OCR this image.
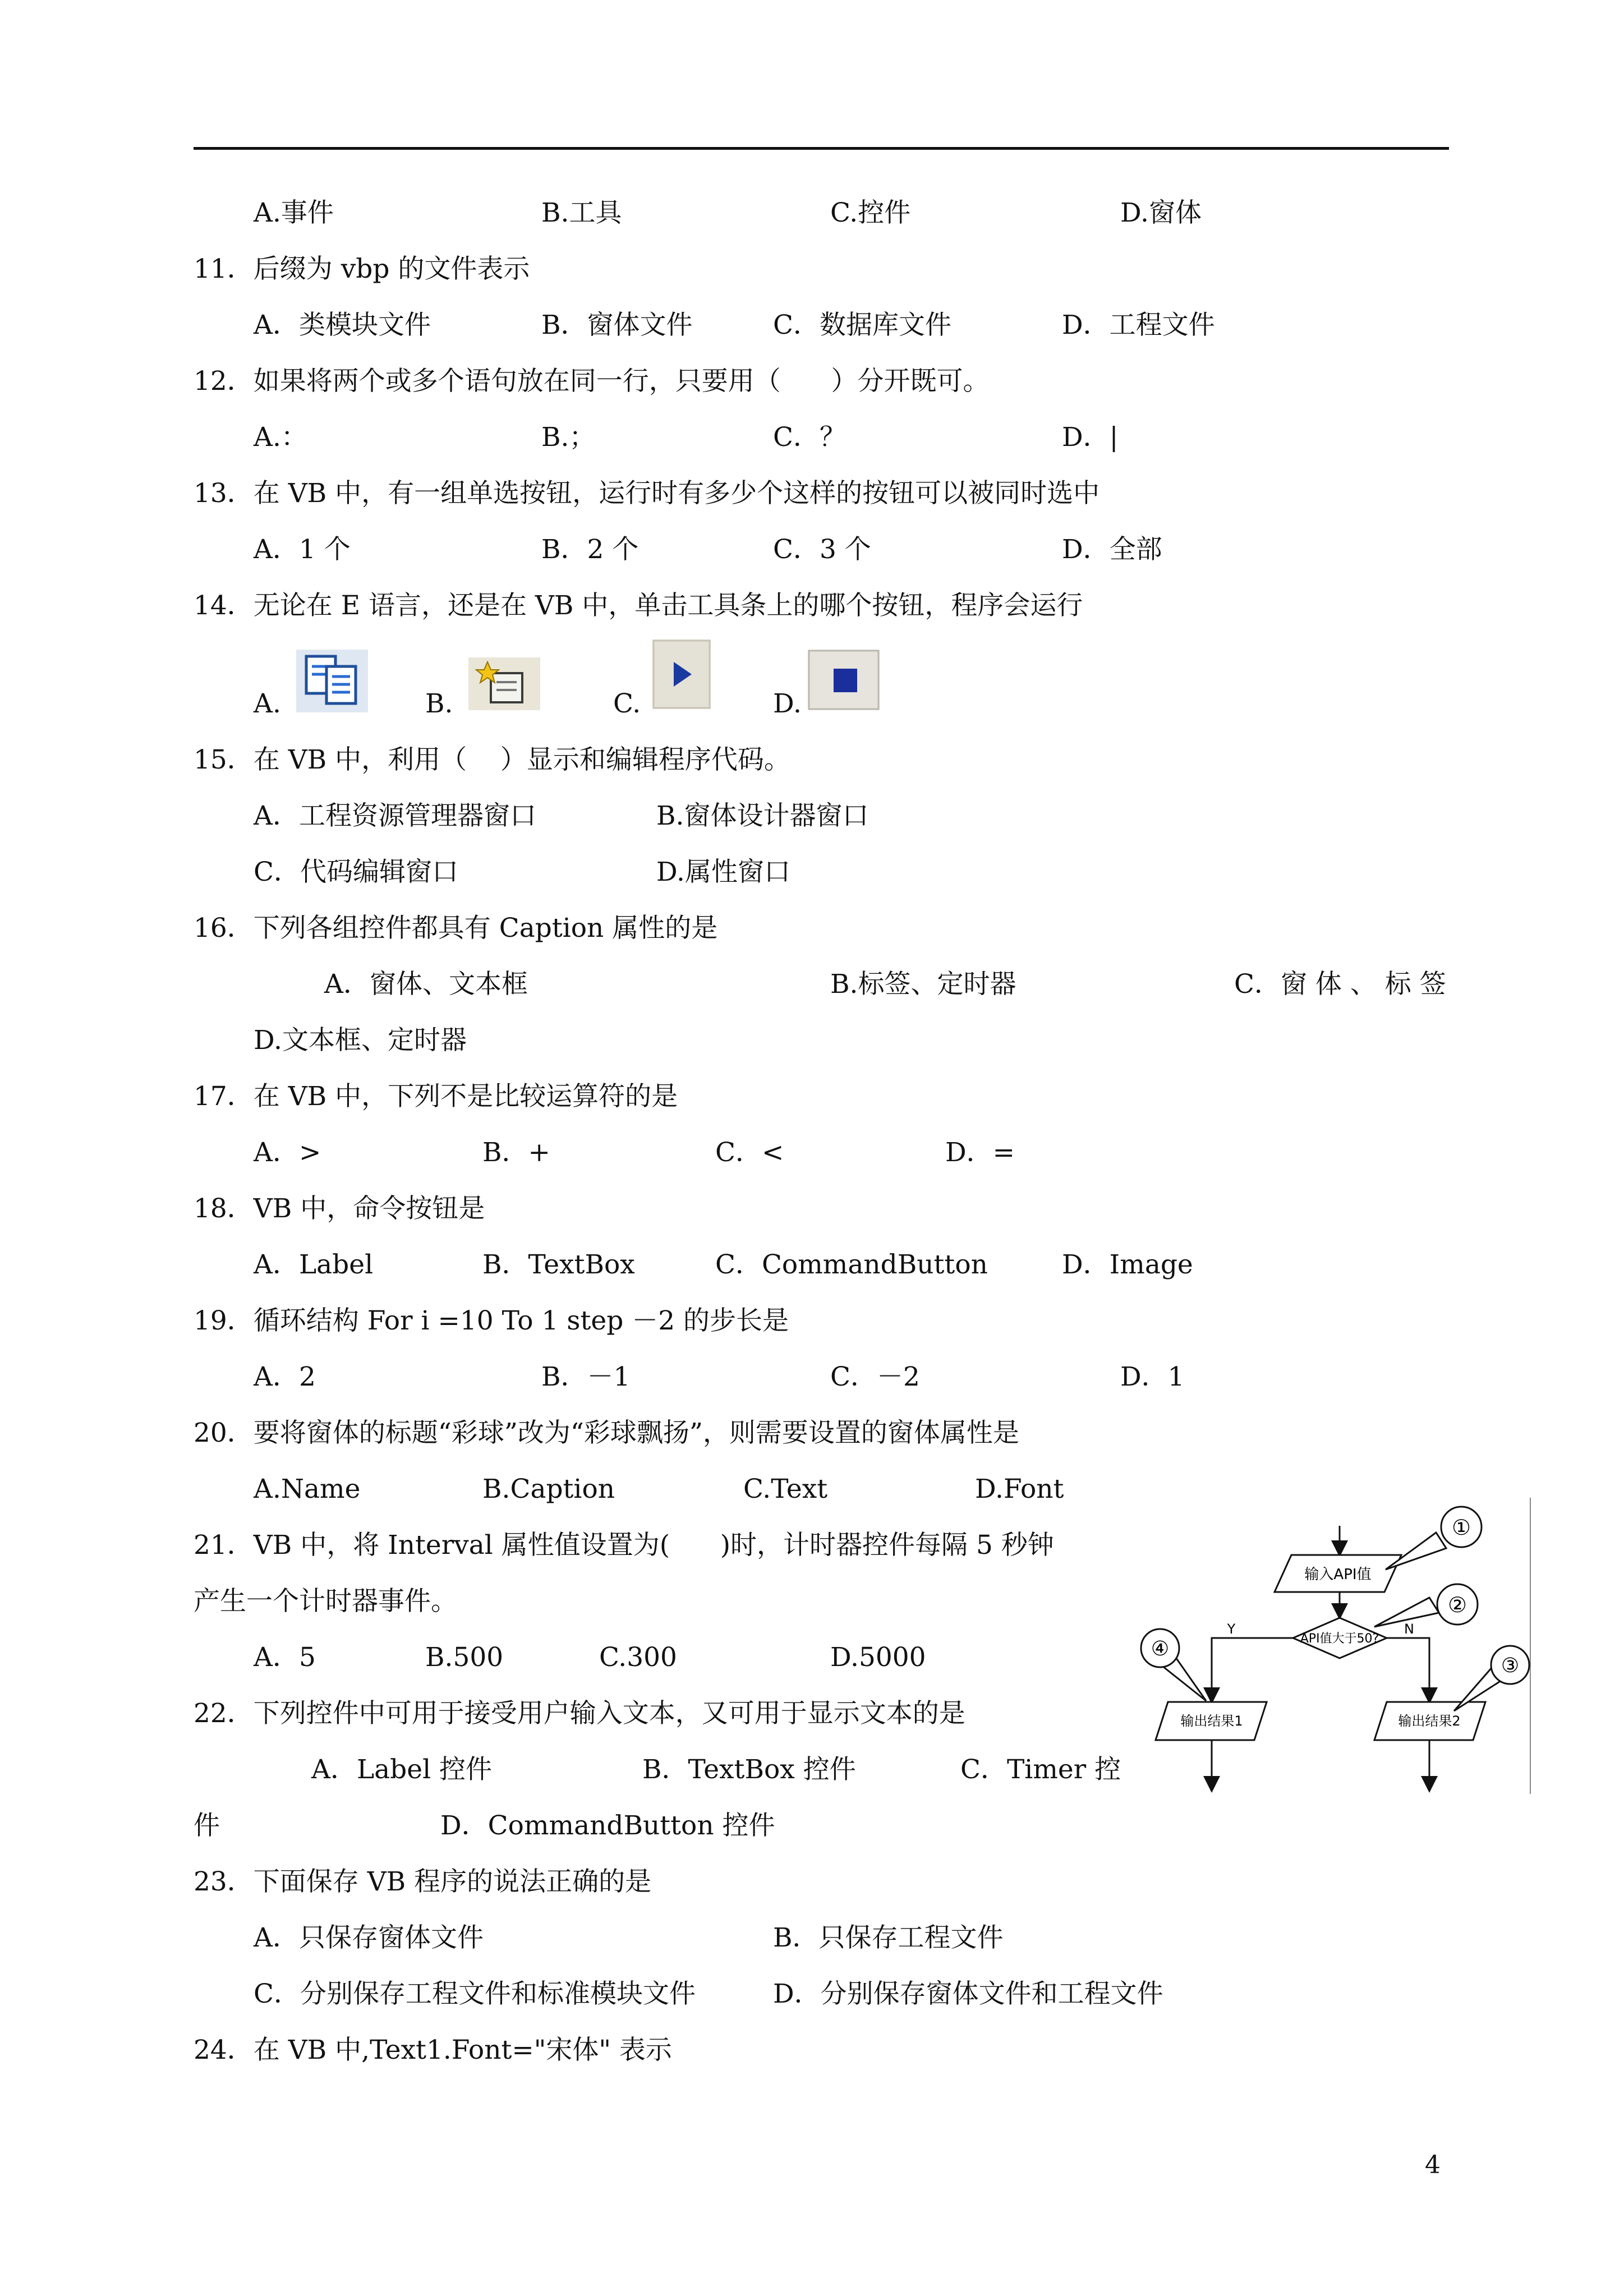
A.事件	B.工具	C.控件	D.窗体
11．后缀为 vbp 的文件表示
A．类模块文件	B．窗体文件	C．数据库文件	D．工程文件
12．如果将两个或多个语句放在同一行，只要用（      ）分开既可。
A.：	B.；	C．？	D．|
13．在 VB 中，有一组单选按钮，运行时有多少个这样的按钮可以被同时选中
A．1 个	B．2 个	C．3 个	D．全部
14．无论在 E 语言，还是在 VB 中，单击工具条上的哪个按钮，程序会运行
A.	B.	C.	D.
15．在 VB 中，利用（    ）显示和编辑程序代码。
A．工程资源管理器窗口	B.窗体设计器窗口
C．代码编辑窗口	D.属性窗口
16．下列各组控件都具有 Caption 属性的是
A．窗体、文本框	B.标签、定时器	C．窗 体 、 标 签
D.文本框、定时器
17．在 VB 中，下列不是比较运算符的是
A．>	B．+	C．<	D．=
18．VB 中，命令按钮是
A．Label	B．TextBox	C．CommandButton	D．Image
19．循环结构 For i =10 To 1 step －2 的步长是
A．2	B．－1	C．－2	D．1
20．要将窗体的标题“彩球”改为“彩球飘扬”，则需要设置的窗体属性是
A.Name	B.Caption	C.Text	D.Font
21．VB 中，将 Interval 属性值设置为(      )时，计时器控件每隔 5 秒钟
产生一个计时器事件。
A．5	B.500	C.300	D.5000
22．下列控件中可用于接受用户输入文本，又可用于显示文本的是
A．Label 控件	B．TextBox 控件	C．Timer 控
件	D．CommandButton 控件
23．下面保存 VB 程序的说法正确的是
A．只保存窗体文件	B．只保存工程文件
C．分别保存工程文件和标准模块文件	D．分别保存窗体文件和工程文件
24．在 VB 中,Text1.Font="宋体" 表示
输入API值
API值大于50?
Y	N
输出结果1	输出结果2
①
②
③
④
4
